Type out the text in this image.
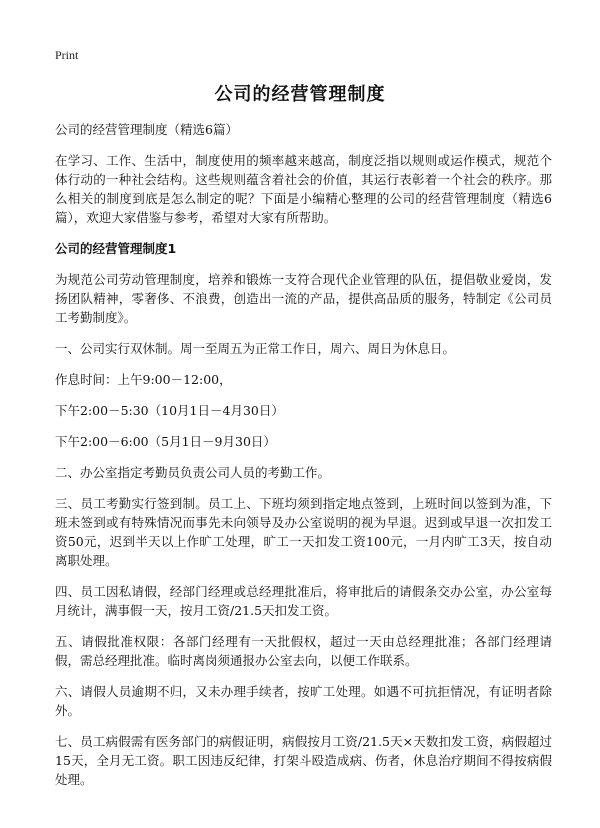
Print
公司的经营管理制度

公司的经营管理制度（精选6篇）

在学习、工作、生活中，制度使用的频率越来越高，制度泛指以规则或运作模式，规范个体行动的一种社会结构。这些规则蕴含着社会的价值，其运行表彰着一个社会的秩序。那么相关的制度到底是怎么制定的呢？下面是小编精心整理的公司的经营管理制度（精选6篇），欢迎大家借鉴与参考，希望对大家有所帮助。

公司的经营管理制度1

为规范公司劳动管理制度，培养和锻炼一支符合现代企业管理的队伍，提倡敬业爱岗，发扬团队精神，零奢侈、不浪费，创造出一流的产品，提供高品质的服务，特制定《公司员工考勤制度》。

一、公司实行双休制。周一至周五为正常工作日，周六、周日为休息日。

作息时间：上午9:00－12:00，

下午2:00－5:30（10月1日－4月30日）

下午2:00－6:00（5月1日－9月30日）

二、办公室指定考勤员负责公司人员的考勤工作。

三、员工考勤实行签到制。员工上、下班均须到指定地点签到，上班时间以签到为准，下班未签到或有特殊情况而事先未向领导及办公室说明的视为早退。迟到或早退一次扣发工资50元，迟到半天以上作旷工处理，旷工一天扣发工资100元，一月内旷工3天，按自动离职处理。

四、员工因私请假，经部门经理或总经理批准后，将审批后的请假条交办公室，办公室每月统计，满事假一天，按月工资/21.5天扣发工资。

五、请假批准权限：各部门经理有一天批假权，超过一天由总经理批准；各部门经理请假，需总经理批准。临时离岗须通报办公室去向，以便工作联系。

六、请假人员逾期不归，又未办理手续者，按旷工处理。如遇不可抗拒情况，有证明者除外。

七、员工病假需有医务部门的病假证明，病假按月工资/21.5天×天数扣发工资，病假超过15天，全月无工资。职工因违反纪律，打架斗殴造成病、伤者，休息治疗期间不得按病假处理。
